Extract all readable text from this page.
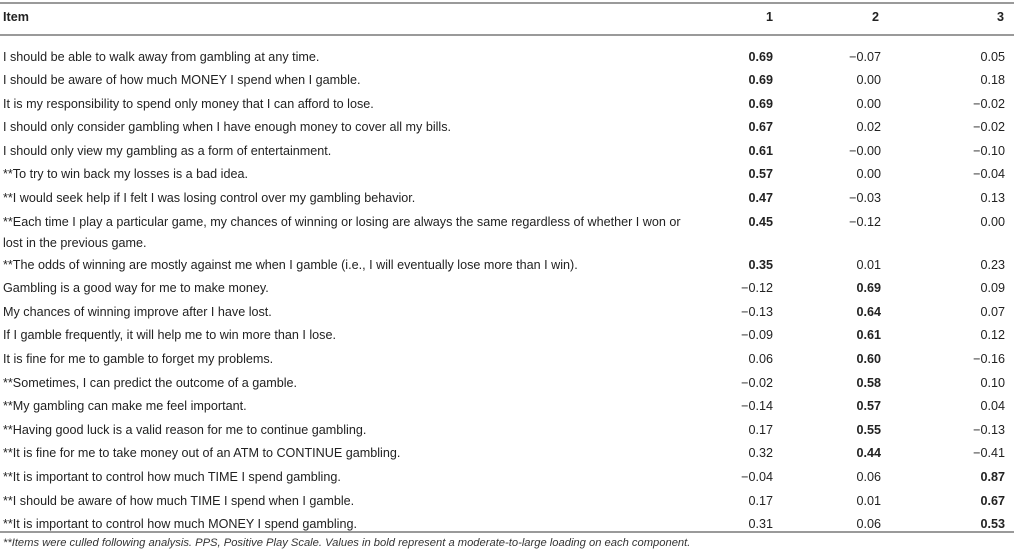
Item	1	2	3
I should be able to walk away from gambling at any time.	0.69	−0.07	0.05
I should be aware of how much MONEY I spend when I gamble.	0.69	0.00	0.18
It is my responsibility to spend only money that I can afford to lose.	0.69	0.00	−0.02
I should only consider gambling when I have enough money to cover all my bills.	0.67	0.02	−0.02
I should only view my gambling as a form of entertainment.	0.61	−0.00	−0.10
**To try to win back my losses is a bad idea.	0.57	0.00	−0.04
**I would seek help if I felt I was losing control over my gambling behavior.	0.47	−0.03	0.13
**Each time I play a particular game, my chances of winning or losing are always the same regardless of whether I won or lost in the previous game.	0.45	−0.12	0.00
**The odds of winning are mostly against me when I gamble (i.e., I will eventually lose more than I win).	0.35	0.01	0.23
Gambling is a good way for me to make money.	−0.12	0.69	0.09
My chances of winning improve after I have lost.	−0.13	0.64	0.07
If I gamble frequently, it will help me to win more than I lose.	−0.09	0.61	0.12
It is fine for me to gamble to forget my problems.	0.06	0.60	−0.16
**Sometimes, I can predict the outcome of a gamble.	−0.02	0.58	0.10
**My gambling can make me feel important.	−0.14	0.57	0.04
**Having good luck is a valid reason for me to continue gambling.	0.17	0.55	−0.13
**It is fine for me to take money out of an ATM to CONTINUE gambling.	0.32	0.44	−0.41
**It is important to control how much TIME I spend gambling.	−0.04	0.06	0.87
**I should be aware of how much TIME I spend when I gamble.	0.17	0.01	0.67
**It is important to control how much MONEY I spend gambling.	0.31	0.06	0.53
**Items were culled following analysis. PPS, Positive Play Scale. Values in bold represent a moderate-to-large loading on each component.
